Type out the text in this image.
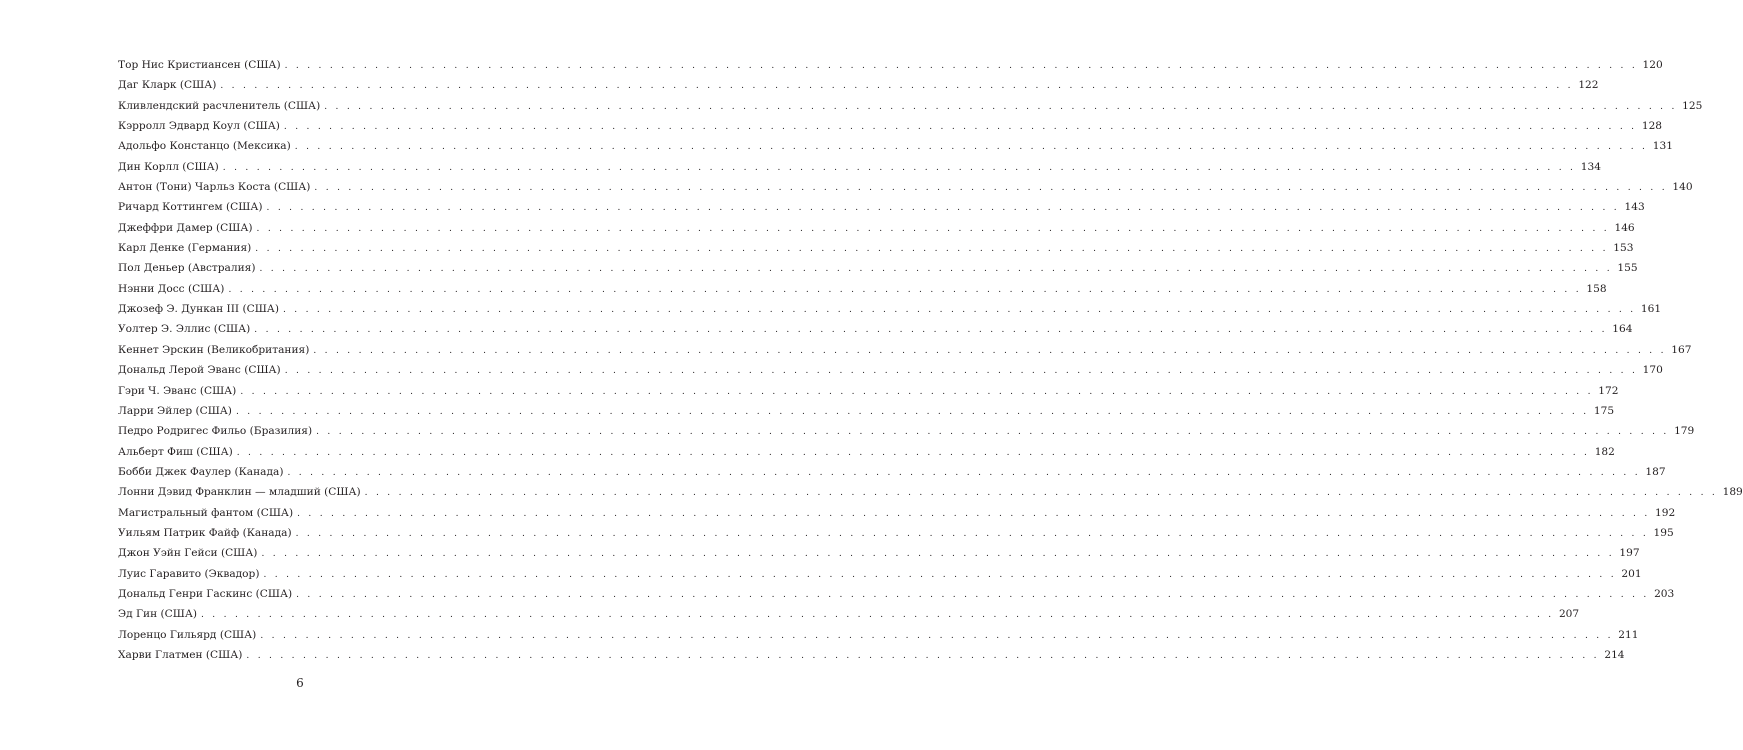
Тор Нис Кристиансен (США) . . . . . . . . . . . . . . . . . . . . . . . . . . . . . . . . . . . . . . . . . . . . . . . . . . . . . . . . . . . . . . . . . . . . . . . . . . . . . . . . . . . . . . . . . . . . . . . . . . . . . . . . . . . . . . . . . . . . . . . . 120
Даг Кларк (США) . . . . . . . . . . . . . . . . . . . . . . . . . . . . . . . . . . . . . . . . . . . . . . . . . . . . . . . . . . . . . . . . . . . . . . . . . . . . . . . . . . . . . . . . . . . . . . . . . . . . . . . . . . . . . . . . . . . . . . . . 122
Кливлендский расчленитель (США) . . . . . . . . . . . . . . . . . . . . . . . . . . . . . . . . . . . . . . . . . . . . . . . . . . . . . . . . . . . . . . . . . . . . . . . . . . . . . . . . . . . . . . . . . . . . . . . . . . . . . . . . . . . . . . . . . . . . . . . . 125
Кэрролл Эдвард Коул (США) . . . . . . . . . . . . . . . . . . . . . . . . . . . . . . . . . . . . . . . . . . . . . . . . . . . . . . . . . . . . . . . . . . . . . . . . . . . . . . . . . . . . . . . . . . . . . . . . . . . . . . . . . . . . . . . . . . . . . . . . 128
Адольфо Констанцо (Мексика) . . . . . . . . . . . . . . . . . . . . . . . . . . . . . . . . . . . . . . . . . . . . . . . . . . . . . . . . . . . . . . . . . . . . . . . . . . . . . . . . . . . . . . . . . . . . . . . . . . . . . . . . . . . . . . . . . . . . . . . . 131
Дин Корлл (США) . . . . . . . . . . . . . . . . . . . . . . . . . . . . . . . . . . . . . . . . . . . . . . . . . . . . . . . . . . . . . . . . . . . . . . . . . . . . . . . . . . . . . . . . . . . . . . . . . . . . . . . . . . . . . . . . . . . . . . . . 134
Антон (Тони) Чарльз Коста (США) . . . . . . . . . . . . . . . . . . . . . . . . . . . . . . . . . . . . . . . . . . . . . . . . . . . . . . . . . . . . . . . . . . . . . . . . . . . . . . . . . . . . . . . . . . . . . . . . . . . . . . . . . . . . . . . . . . . . . . . . 140
Ричард Коттингем (США) . . . . . . . . . . . . . . . . . . . . . . . . . . . . . . . . . . . . . . . . . . . . . . . . . . . . . . . . . . . . . . . . . . . . . . . . . . . . . . . . . . . . . . . . . . . . . . . . . . . . . . . . . . . . . . . . . . . . . . . . 143
Джеффри Дамер (США) . . . . . . . . . . . . . . . . . . . . . . . . . . . . . . . . . . . . . . . . . . . . . . . . . . . . . . . . . . . . . . . . . . . . . . . . . . . . . . . . . . . . . . . . . . . . . . . . . . . . . . . . . . . . . . . . . . . . . . . . 146
Карл Денке (Германия) . . . . . . . . . . . . . . . . . . . . . . . . . . . . . . . . . . . . . . . . . . . . . . . . . . . . . . . . . . . . . . . . . . . . . . . . . . . . . . . . . . . . . . . . . . . . . . . . . . . . . . . . . . . . . . . . . . . . . . . . 153
Пол Деньер (Австралия) . . . . . . . . . . . . . . . . . . . . . . . . . . . . . . . . . . . . . . . . . . . . . . . . . . . . . . . . . . . . . . . . . . . . . . . . . . . . . . . . . . . . . . . . . . . . . . . . . . . . . . . . . . . . . . . . . . . . . . . . 155
Нэнни Досс (США) . . . . . . . . . . . . . . . . . . . . . . . . . . . . . . . . . . . . . . . . . . . . . . . . . . . . . . . . . . . . . . . . . . . . . . . . . . . . . . . . . . . . . . . . . . . . . . . . . . . . . . . . . . . . . . . . . . . . . . . . 158
Джозеф Э. Дункан III (США) . . . . . . . . . . . . . . . . . . . . . . . . . . . . . . . . . . . . . . . . . . . . . . . . . . . . . . . . . . . . . . . . . . . . . . . . . . . . . . . . . . . . . . . . . . . . . . . . . . . . . . . . . . . . . . . . . . . . . . . . 161
Уолтер Э. Эллис (США) . . . . . . . . . . . . . . . . . . . . . . . . . . . . . . . . . . . . . . . . . . . . . . . . . . . . . . . . . . . . . . . . . . . . . . . . . . . . . . . . . . . . . . . . . . . . . . . . . . . . . . . . . . . . . . . . . . . . . . . . 164
Кеннет Эрскин (Великобритания) . . . . . . . . . . . . . . . . . . . . . . . . . . . . . . . . . . . . . . . . . . . . . . . . . . . . . . . . . . . . . . . . . . . . . . . . . . . . . . . . . . . . . . . . . . . . . . . . . . . . . . . . . . . . . . . . . . . . . . . . 167
Дональд Лерой Эванс (США) . . . . . . . . . . . . . . . . . . . . . . . . . . . . . . . . . . . . . . . . . . . . . . . . . . . . . . . . . . . . . . . . . . . . . . . . . . . . . . . . . . . . . . . . . . . . . . . . . . . . . . . . . . . . . . . . . . . . . . . . 170
Гэри Ч. Эванс (США) . . . . . . . . . . . . . . . . . . . . . . . . . . . . . . . . . . . . . . . . . . . . . . . . . . . . . . . . . . . . . . . . . . . . . . . . . . . . . . . . . . . . . . . . . . . . . . . . . . . . . . . . . . . . . . . . . . . . . . . . 172
Ларри Эйлер (США) . . . . . . . . . . . . . . . . . . . . . . . . . . . . . . . . . . . . . . . . . . . . . . . . . . . . . . . . . . . . . . . . . . . . . . . . . . . . . . . . . . . . . . . . . . . . . . . . . . . . . . . . . . . . . . . . . . . . . . . . 175
Педро Родригес Фильо (Бразилия) . . . . . . . . . . . . . . . . . . . . . . . . . . . . . . . . . . . . . . . . . . . . . . . . . . . . . . . . . . . . . . . . . . . . . . . . . . . . . . . . . . . . . . . . . . . . . . . . . . . . . . . . . . . . . . . . . . . . . . . . 179
Альберт Фиш (США) . . . . . . . . . . . . . . . . . . . . . . . . . . . . . . . . . . . . . . . . . . . . . . . . . . . . . . . . . . . . . . . . . . . . . . . . . . . . . . . . . . . . . . . . . . . . . . . . . . . . . . . . . . . . . . . . . . . . . . . . 182
Бобби Джек Фаулер (Канада) . . . . . . . . . . . . . . . . . . . . . . . . . . . . . . . . . . . . . . . . . . . . . . . . . . . . . . . . . . . . . . . . . . . . . . . . . . . . . . . . . . . . . . . . . . . . . . . . . . . . . . . . . . . . . . . . . . . . . . . . 187
Лонни Дэвид Франклин — младший (США) . . . . . . . . . . . . . . . . . . . . . . . . . . . . . . . . . . . . . . . . . . . . . . . . . . . . . . . . . . . . . . . . . . . . . . . . . . . . . . . . . . . . . . . . . . . . . . . . . . . . . . . . . . . . . . . . . . . . . . . . 189
Магистральный фантом (США) . . . . . . . . . . . . . . . . . . . . . . . . . . . . . . . . . . . . . . . . . . . . . . . . . . . . . . . . . . . . . . . . . . . . . . . . . . . . . . . . . . . . . . . . . . . . . . . . . . . . . . . . . . . . . . . . . . . . . . . . 192
Уильям Патрик Файф (Канада) . . . . . . . . . . . . . . . . . . . . . . . . . . . . . . . . . . . . . . . . . . . . . . . . . . . . . . . . . . . . . . . . . . . . . . . . . . . . . . . . . . . . . . . . . . . . . . . . . . . . . . . . . . . . . . . . . . . . . . . . 195
Джон Уэйн Гейси (США) . . . . . . . . . . . . . . . . . . . . . . . . . . . . . . . . . . . . . . . . . . . . . . . . . . . . . . . . . . . . . . . . . . . . . . . . . . . . . . . . . . . . . . . . . . . . . . . . . . . . . . . . . . . . . . . . . . . . . . . . 197
Луис Гаравито (Эквадор) . . . . . . . . . . . . . . . . . . . . . . . . . . . . . . . . . . . . . . . . . . . . . . . . . . . . . . . . . . . . . . . . . . . . . . . . . . . . . . . . . . . . . . . . . . . . . . . . . . . . . . . . . . . . . . . . . . . . . . . . 201
Дональд Генри Гаскинс (США) . . . . . . . . . . . . . . . . . . . . . . . . . . . . . . . . . . . . . . . . . . . . . . . . . . . . . . . . . . . . . . . . . . . . . . . . . . . . . . . . . . . . . . . . . . . . . . . . . . . . . . . . . . . . . . . . . . . . . . . . 203
Эд Гин (США) . . . . . . . . . . . . . . . . . . . . . . . . . . . . . . . . . . . . . . . . . . . . . . . . . . . . . . . . . . . . . . . . . . . . . . . . . . . . . . . . . . . . . . . . . . . . . . . . . . . . . . . . . . . . . . . . . . . . . . . . 207
Лоренцо Гильярд (США) . . . . . . . . . . . . . . . . . . . . . . . . . . . . . . . . . . . . . . . . . . . . . . . . . . . . . . . . . . . . . . . . . . . . . . . . . . . . . . . . . . . . . . . . . . . . . . . . . . . . . . . . . . . . . . . . . . . . . . . . 211
Харви Глатмен (США) . . . . . . . . . . . . . . . . . . . . . . . . . . . . . . . . . . . . . . . . . . . . . . . . . . . . . . . . . . . . . . . . . . . . . . . . . . . . . . . . . . . . . . . . . . . . . . . . . . . . . . . . . . . . . . . . . . . . . . . . 214
6
